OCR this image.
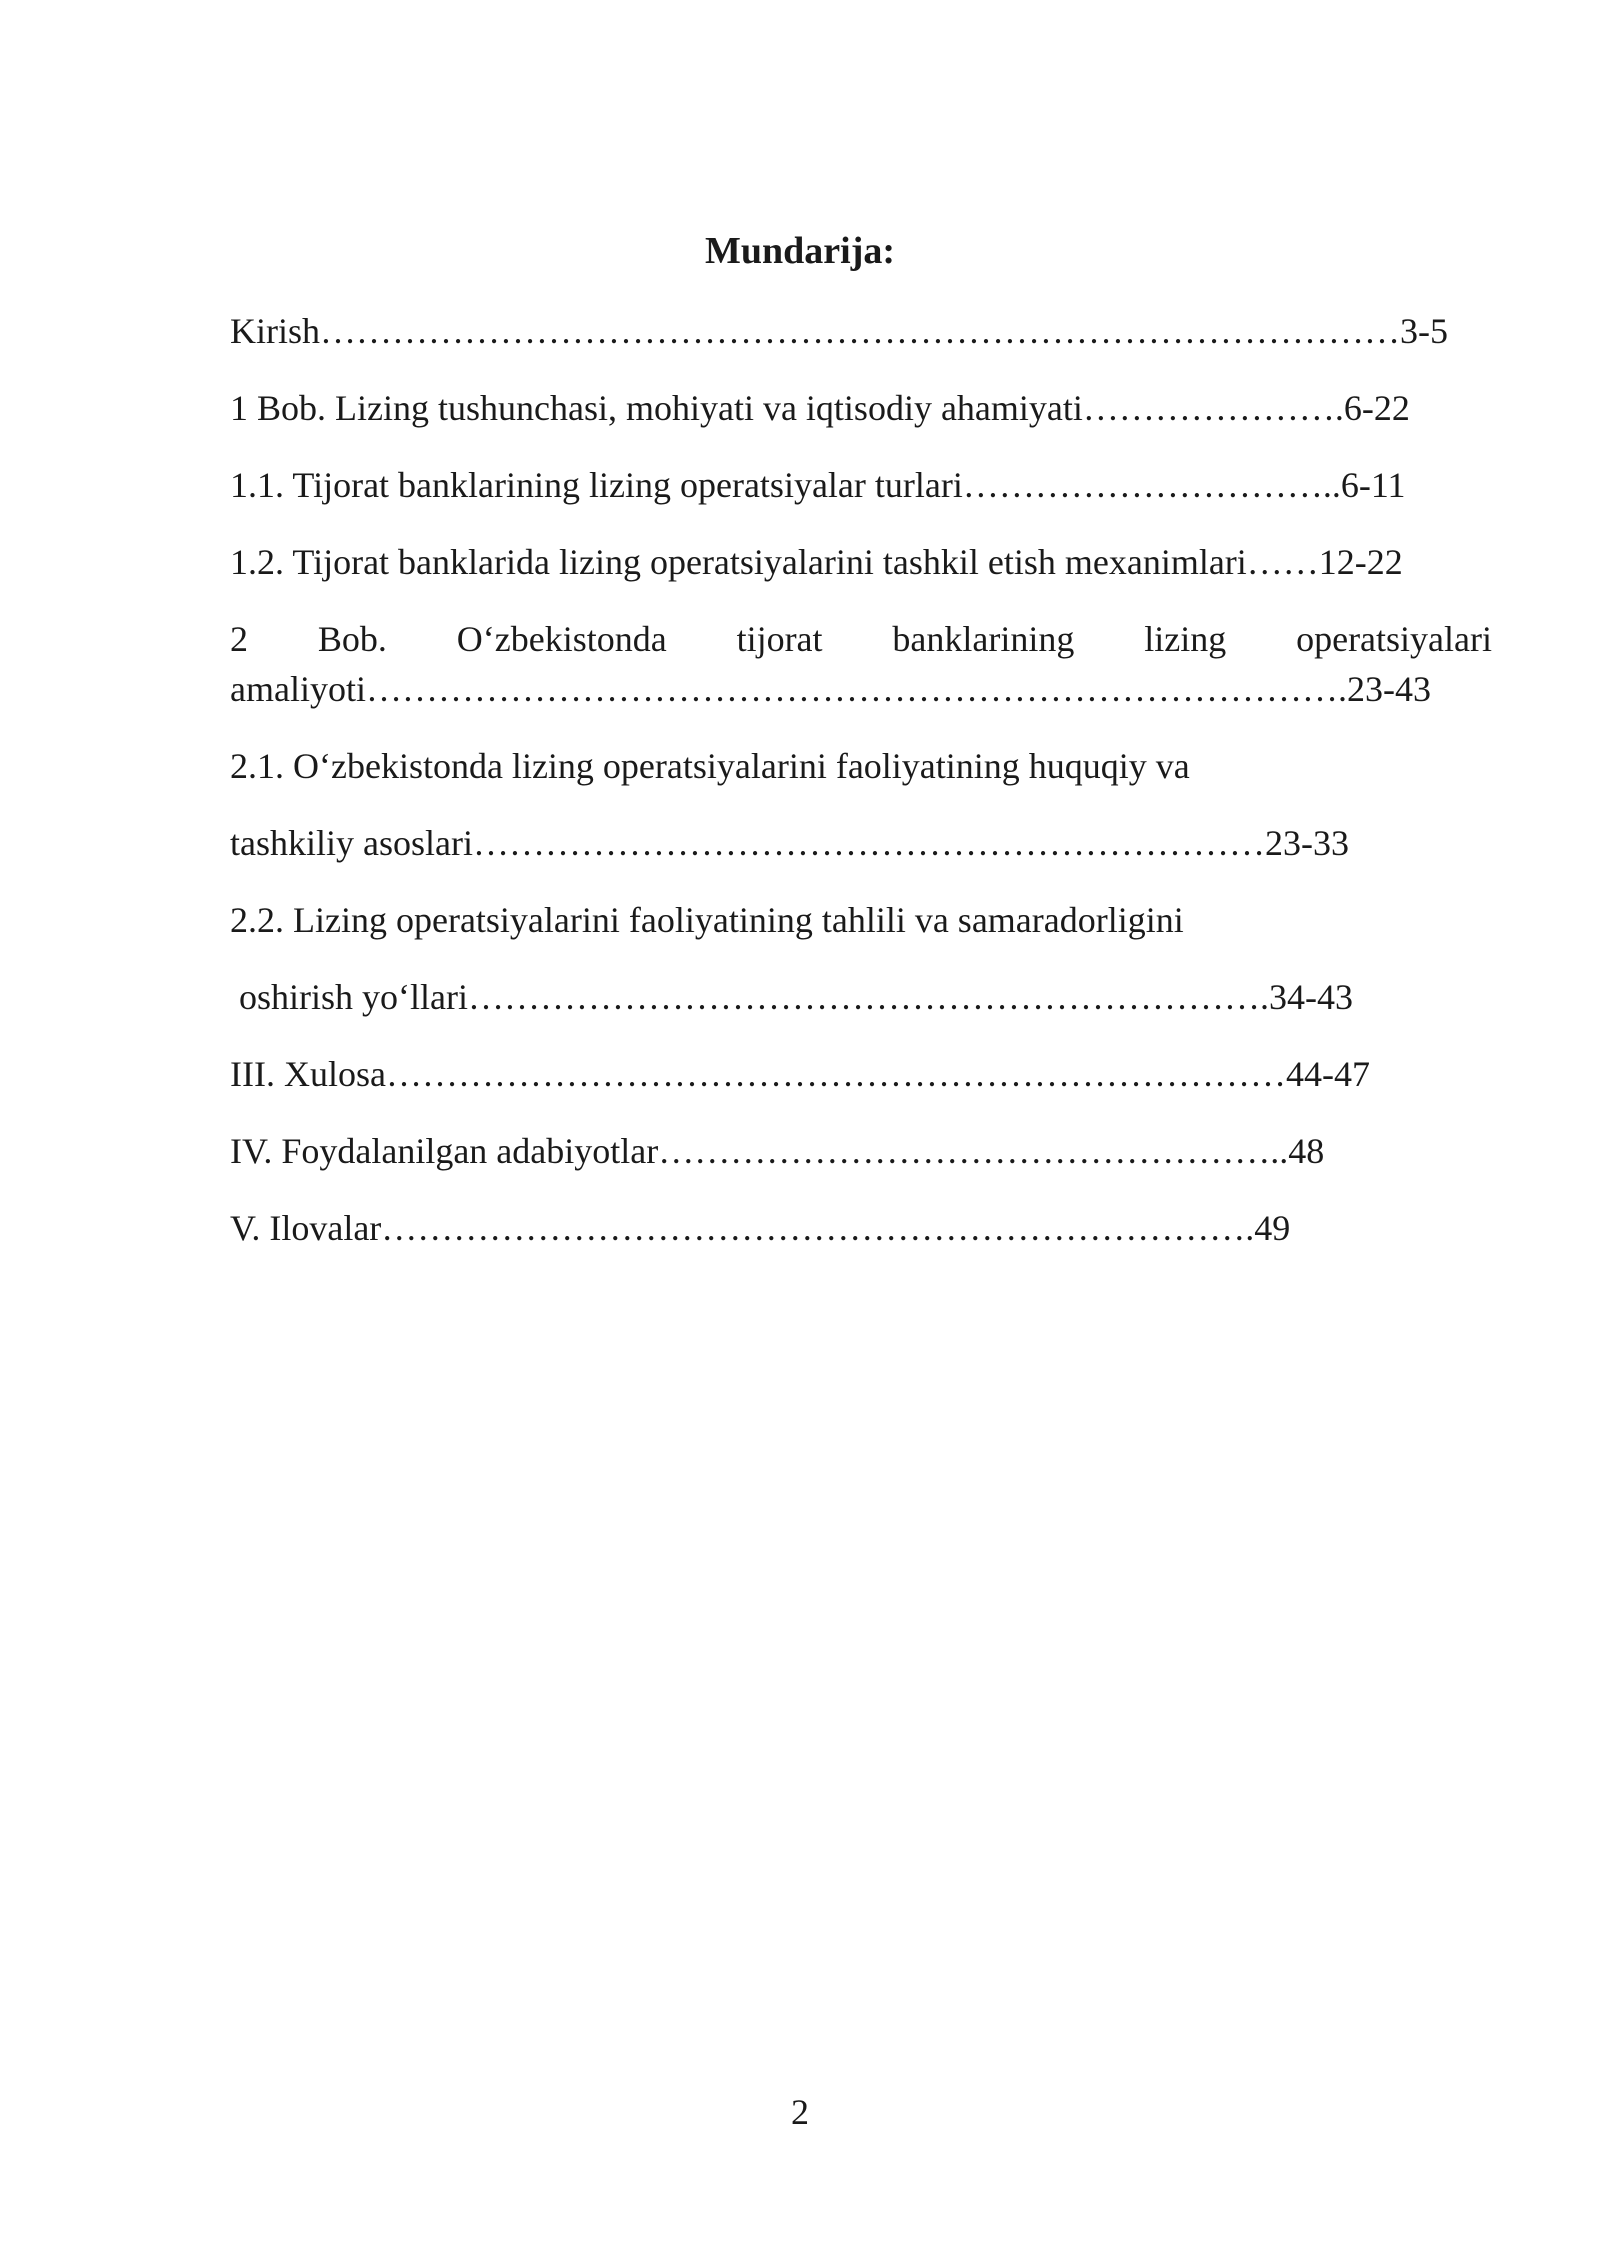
Mundarija:

Kirish………………………………………………………………………………3-5

1 Bob. Lizing tushunchasi, mohiyati va iqtisodiy ahamiyati………………….6-22

1.1. Tijorat banklarining lizing operatsiyalar turlari…………………………..6-11

1.2. Tijorat banklarida lizing operatsiyalarini tashkil etish mexanimlari……12-22

2 Bob. O‘zbekistonda tijorat banklarining lizing operatsiyalari

amaliyoti……………………………………………………………………….23-43

2.1. O‘zbekistonda lizing operatsiyalarini faoliyatining huquqiy va

tashkiliy asoslari…………………………………………………………23-33

2.2. Lizing operatsiyalarini faoliyatining tahlili va samaradorligini

oshirish yo‘llari………………………………………………………….34-43

III. Xulosa…………………………………………………………………44-47

IV. Foydalanilgan adabiyotlar……………………………………………..48

V. Ilovalar……………………………………………………………….49

2
